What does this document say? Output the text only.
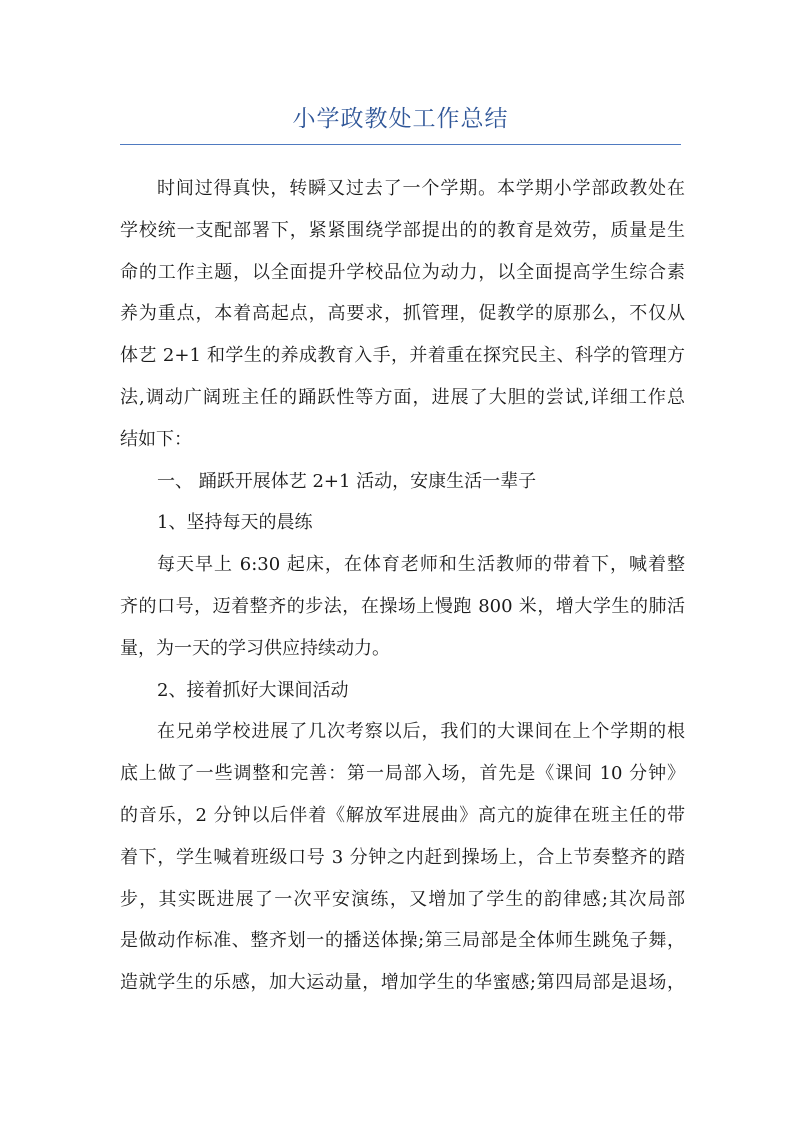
小学政教处工作总结
时间过得真快，转瞬又过去了一个学期。本学期小学部政教处在
学校统一支配部署下，紧紧围绕学部提出的的教育是效劳，质量是生
命的工作主题，以全面提升学校品位为动力，以全面提高学生综合素
养为重点，本着高起点，高要求，抓管理，促教学的原那么，不仅从
体艺 2+1 和学生的养成教育入手，并着重在探究民主、科学的管理方
法,调动广阔班主任的踊跃性等方面，进展了大胆的尝试,详细工作总
结如下：
一、 踊跃开展体艺 2+1 活动，安康生活一辈子
1、坚持每天的晨练
每天早上 6:30 起床，在体育老师和生活教师的带着下，喊着整
齐的口号，迈着整齐的步法，在操场上慢跑 800 米，增大学生的肺活
量，为一天的学习供应持续动力。
2、接着抓好大课间活动
在兄弟学校进展了几次考察以后，我们的大课间在上个学期的根
底上做了一些调整和完善：第一局部入场，首先是《课间 10 分钟》
的音乐，2 分钟以后伴着《解放军进展曲》高亢的旋律在班主任的带
着下，学生喊着班级口号 3 分钟之内赶到操场上，合上节奏整齐的踏
步，其实既进展了一次平安演练，又增加了学生的韵律感;其次局部
是做动作标准、整齐划一的播送体操;第三局部是全体师生跳兔子舞，
造就学生的乐感，加大运动量，增加学生的华蜜感;第四局部是退场，
